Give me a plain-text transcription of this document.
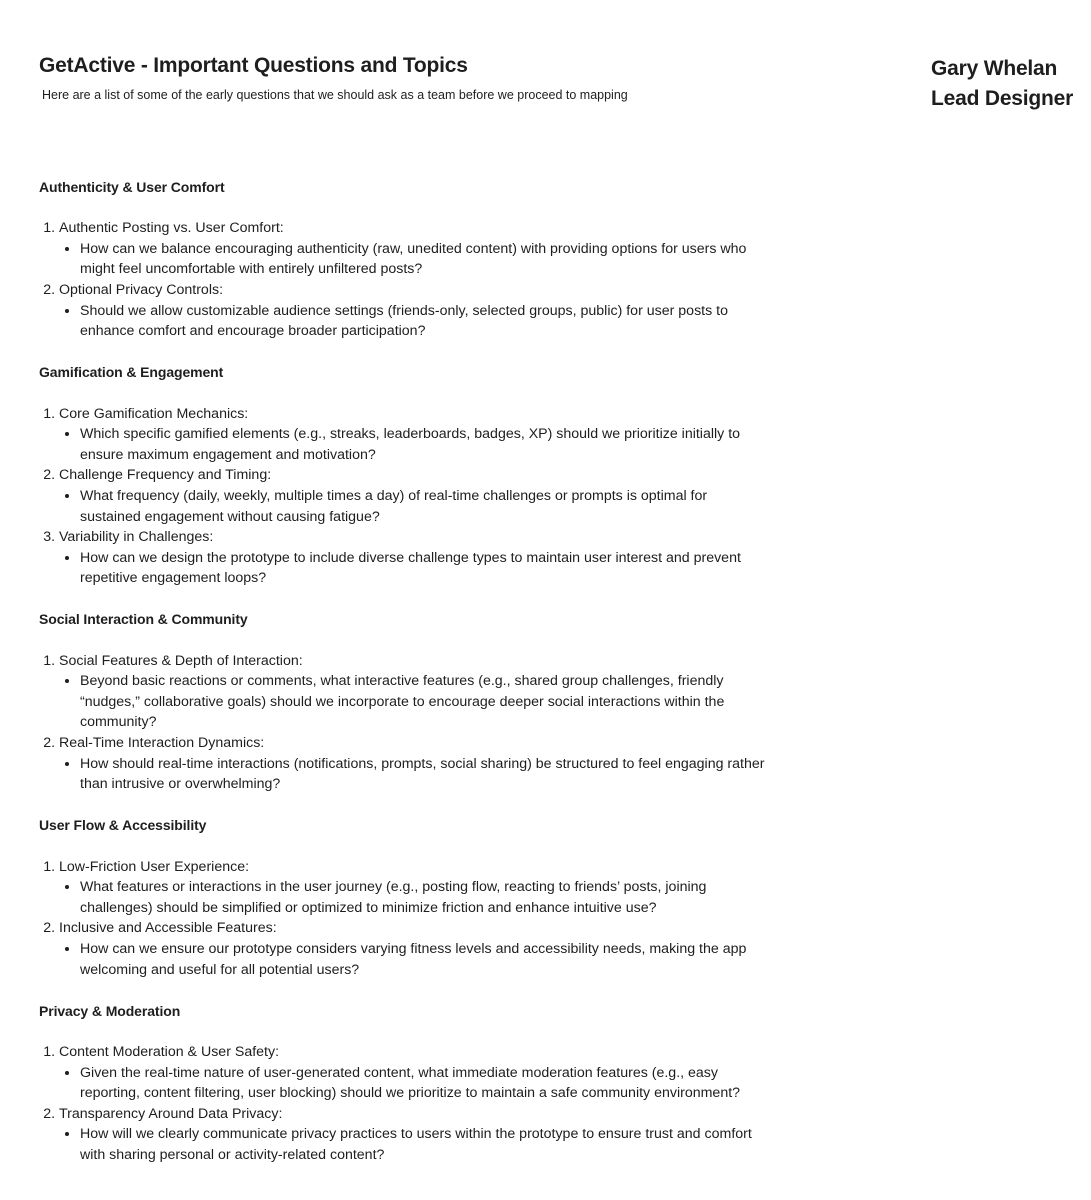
GetActive - Important Questions and Topics
Here are a list of some of the early questions that we should ask as a team before we proceed to mapping
Gary Whelan
Lead Designer
Authenticity & User Comfort
1. Authentic Posting vs. User Comfort:
• How can we balance encouraging authenticity (raw, unedited content) with providing options for users who might feel uncomfortable with entirely unfiltered posts?
2. Optional Privacy Controls:
• Should we allow customizable audience settings (friends-only, selected groups, public) for user posts to enhance comfort and encourage broader participation?
Gamification & Engagement
1. Core Gamification Mechanics:
• Which specific gamified elements (e.g., streaks, leaderboards, badges, XP) should we prioritize initially to ensure maximum engagement and motivation?
2. Challenge Frequency and Timing:
• What frequency (daily, weekly, multiple times a day) of real-time challenges or prompts is optimal for sustained engagement without causing fatigue?
3. Variability in Challenges:
• How can we design the prototype to include diverse challenge types to maintain user interest and prevent repetitive engagement loops?
Social Interaction & Community
1. Social Features & Depth of Interaction:
• Beyond basic reactions or comments, what interactive features (e.g., shared group challenges, friendly “nudges,” collaborative goals) should we incorporate to encourage deeper social interactions within the community?
2. Real-Time Interaction Dynamics:
• How should real-time interactions (notifications, prompts, social sharing) be structured to feel engaging rather than intrusive or overwhelming?
User Flow & Accessibility
1. Low-Friction User Experience:
• What features or interactions in the user journey (e.g., posting flow, reacting to friends’ posts, joining challenges) should be simplified or optimized to minimize friction and enhance intuitive use?
2. Inclusive and Accessible Features:
• How can we ensure our prototype considers varying fitness levels and accessibility needs, making the app welcoming and useful for all potential users?
Privacy & Moderation
1. Content Moderation & User Safety:
• Given the real-time nature of user-generated content, what immediate moderation features (e.g., easy reporting, content filtering, user blocking) should we prioritize to maintain a safe community environment?
2. Transparency Around Data Privacy:
• How will we clearly communicate privacy practices to users within the prototype to ensure trust and comfort with sharing personal or activity-related content?
